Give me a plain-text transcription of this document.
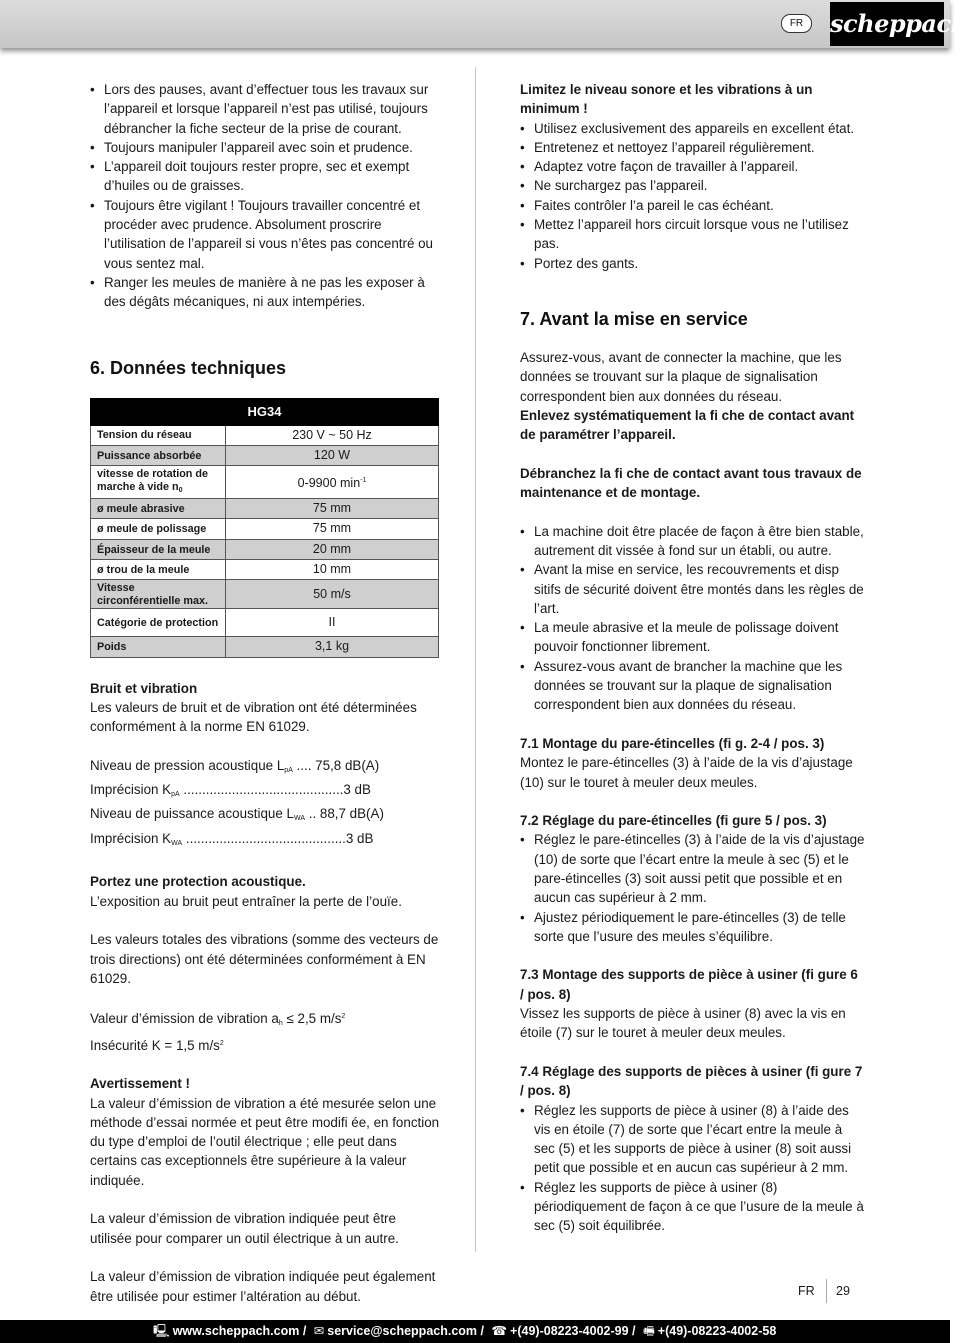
FR	scheppach
• Lors des pauses, avant d’effectuer tous les travaux sur l’appareil et lorsque l’appareil n’est pas utilisé, toujours débrancher la fiche secteur de la prise de courant.
• Toujours manipuler l’appareil avec soin et prudence.
• L’appareil doit toujours rester propre, sec et exempt d’huiles ou de graisses.
• Toujours être vigilant ! Toujours travailler concentré et procéder avec prudence. Absolument proscrire l’utilisation de l’appareil si vous n’êtes pas concentré ou vous sentez mal.
• Ranger les meules de manière à ne pas les exposer à des dégâts mécaniques, ni aux intempéries.
6. Données techniques
HG34	
Tension du réseau	230 V ~ 50 Hz
Puissance absorbée	120 W
vitesse de rotation de marche à vide $n_0$	0-9900 $\min^{-1}$
ø meule abrasive	75 mm
ø meule de polissage	75 mm
Épaisseur de la meule	20 mm
ø trou de la meule	10 mm
Vitesse circonférentielle max.	50 m/s
Catégorie de protection	II
Poids	3,1 kg

Bruit et vibration

Les valeurs de bruit et de vibration ont été déterminées conformément à la norme EN 61029.

Niveau de pression acoustique $L_{pA}$ .... 75,8 dB(A)

Imprécision $K_{pA}$ ...........................................3 dB

Niveau de puissance acoustique $L_{WA}$ .. 88,7 dB(A)

Imprécision $K_{WA}$ ...........................................3 dB

Portez une protection acoustique.

L’exposition au bruit peut entraîner la perte de l’ouïe.

Les valeurs totales des vibrations (somme des vecteurs de trois directions) ont été déterminées conformément à EN 61029.

Valeur d’émission de vibration $a_h \le 2,5$ $m/s^2$

Insécurité K = 1,5 $m/s^2$

Avertissement !

La valeur d’émission de vibration a été mesurée selon une méthode d’essai normée et peut être modifi ée, en fonction du type d’emploi de l’outil électrique ; elle peut dans certains cas exceptionnels être supérieure à la valeur indiquée.

La valeur d’émission de vibration indiquée peut être utilisée pour comparer un outil électrique à un autre.

La valeur d’émission de vibration indiquée peut également être utilisée pour estimer l’altération au début.

Limitez le niveau sonore et les vibrations à un minimum !

• Utilisez exclusivement des appareils en excellent état.
• Entretenez et nettoyez l’appareil régulièrement.
• Adaptez votre façon de travailler à l’appareil.
• Ne surchargez pas l’appareil.
• Faites contrôler l’a pareil le cas échéant.
• Mettez l’appareil hors circuit lorsque vous ne l’utilisez pas.
• Portez des gants.
7. Avant la mise en service

Assurez-vous, avant de connecter la machine, que les données se trouvant sur la plaque de signalisation correspondent bien aux données du réseau.

Enlevez systématiquement la fi che de contact avant de paramétrer l’appareil.

Débranchez la fi che de contact avant tous travaux de maintenance et de montage.

• La machine doit être placée de façon à être bien stable, autrement dit vissée à fond sur un établi, ou autre.
• Avant la mise en service, les recouvrements et disp sitifs de sécurité doivent être montés dans les règles de l’art.
• La meule abrasive et la meule de polissage doivent pouvoir fonctionner librement.
• Assurez-vous avant de brancher la machine que les données se trouvant sur la plaque de signalisation correspondent bien aux données du réseau.

7.1 Montage du pare-étincelles (fi g. 2-4 / pos. 3)

Montez le pare-étincelles (3) à l’aide de la vis d’ajustage (10) sur le touret à meuler deux meules.

7.2 Réglage du pare-étincelles (fi gure 5 / pos. 3)

• Réglez le pare-étincelles (3) à l’aide de la vis d’ajustage (10) de sorte que l’écart entre la meule à sec (5) et le pare-étincelles (3) soit aussi petit que possible et en aucun cas supérieur à 2 mm.
• Ajustez périodiquement le pare-étincelles (3) de telle sorte que l’usure des meules s’équilibre.

7.3 Montage des supports de pièce à usiner (fi gure 6 / pos. 8)

Vissez les supports de pièce à usiner (8) avec la vis en étoile (7) sur le touret à meuler deux meules.

7.4 Réglage des supports de pièces à usiner (fi gure 7 / pos. 8)

• Réglez les supports de pièce à usiner (8) à l’aide des vis en étoile (7) de sorte que l’écart entre la meule à sec (5) et les supports de pièce à usiner (8) soit aussi petit que possible et en aucun cas supérieur à 2 mm.
• Réglez les supports de pièce à usiner (8) périodiquement de façon à ce que l’usure de la meule à sec (5) soit équilibrée.
FR 29
🖳 www.scheppach.com / ✉ service@scheppach.com / ☎ +(49)-08223-4002-99 / 🖷 +(49)-08223-4002-58
